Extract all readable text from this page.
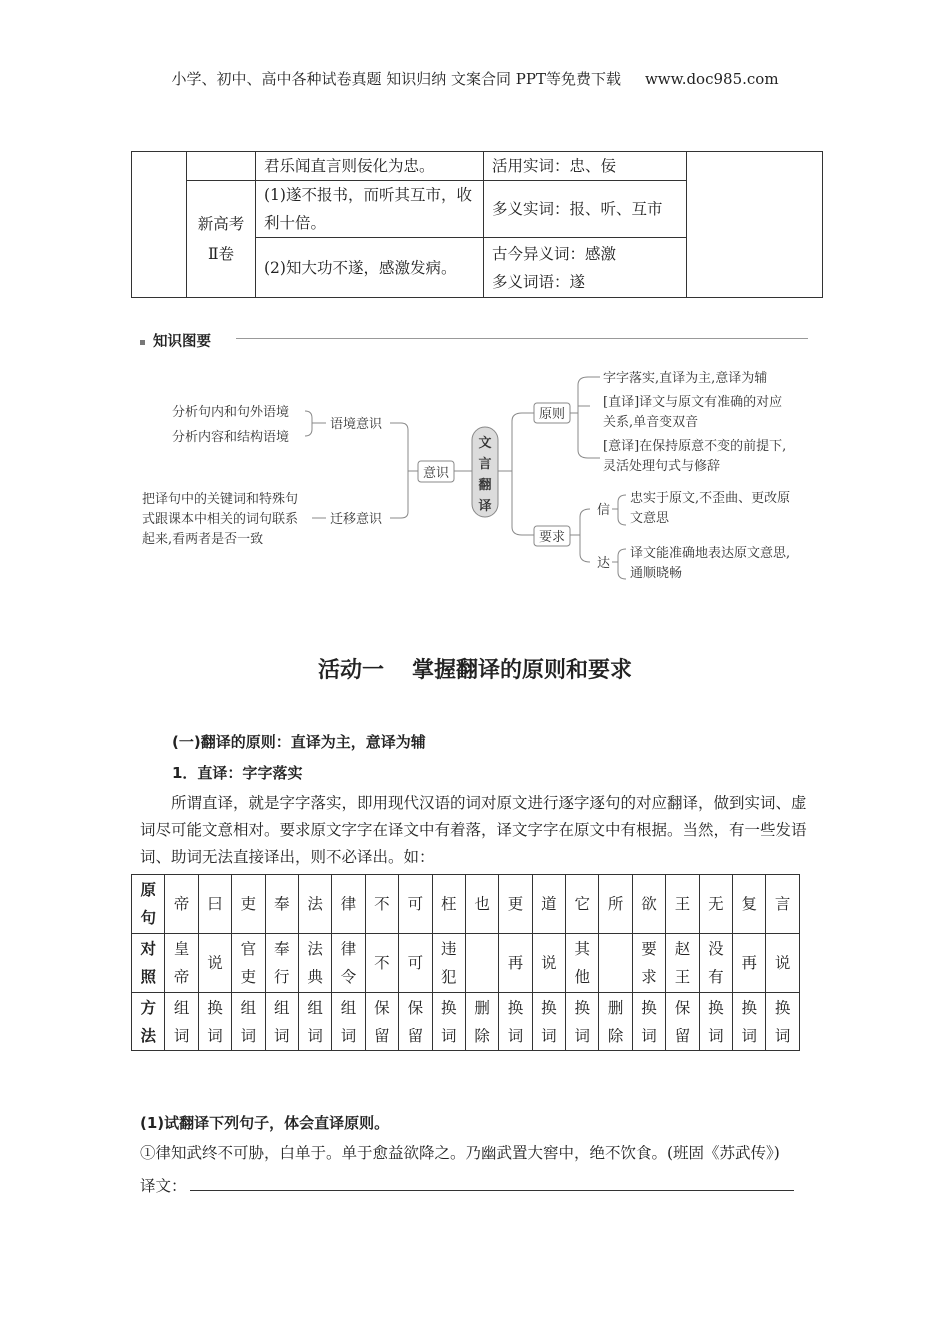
小学、初中、高中各种试卷真题 知识归纳 文案合同 PPT等免费下载 www.doc985.com
		君乐闻直言则佞化为忠。	活用实词：忠、佞	
	新高考Ⅱ卷	(1)遂不报书，而听其互市，收利十倍。	多义实词：报、听、互市	
		(2)知大功不遂，感激发病。	古今异义词：感激
多义词语：遂	
知识图要
分析句内和句外语境
分析内容和结构语境
语境意识
把译句中的关键词和特殊句
式跟课本中相关的词句联系
起来,看两者是否一致
迁移意识
意识
文
言
翻
译
原则
字字落实,直译为主,意译为辅
[直译]译文与原文有准确的对应
关系,单音变双音
[意译]在保持原意不变的前提下,
灵活处理句式与修辞
要求
信
忠实于原文,不歪曲、更改原
文意思
达
译文能准确地表达原文意思,
通顺晓畅
活动一 掌握翻译的原则和要求
(一)翻译的原则：直译为主，意译为辅
1．直译：字字落实
所谓直译，就是字字落实，即用现代汉语的词对原文进行逐字逐句的对应翻译，做到实词、虚词尽可能文意相对。要求原文字字在译文中有着落，译文字字在原文中有根据。当然，有一些发语词、助词无法直接译出，则不必译出。如：
原句	帝	曰	吏	奉	法	律	不	可	枉	也	更	道	它	所	欲	王	无	复	言
对照	皇帝	说	官吏	奉行	法典	律令	不	可	违犯		再	说	其他		要求	赵王	没有	再	说
方法	组词	换词	组词	组词	组词	组词	保留	保留	换词	删除	换词	换词	换词	删除	换词	保留	换词	换词	换词
(1)试翻译下列句子，体会直译原则。
①律知武终不可胁，白单于。单于愈益欲降之。乃幽武置大窖中，绝不饮食。(班固《苏武传》)
译文：
